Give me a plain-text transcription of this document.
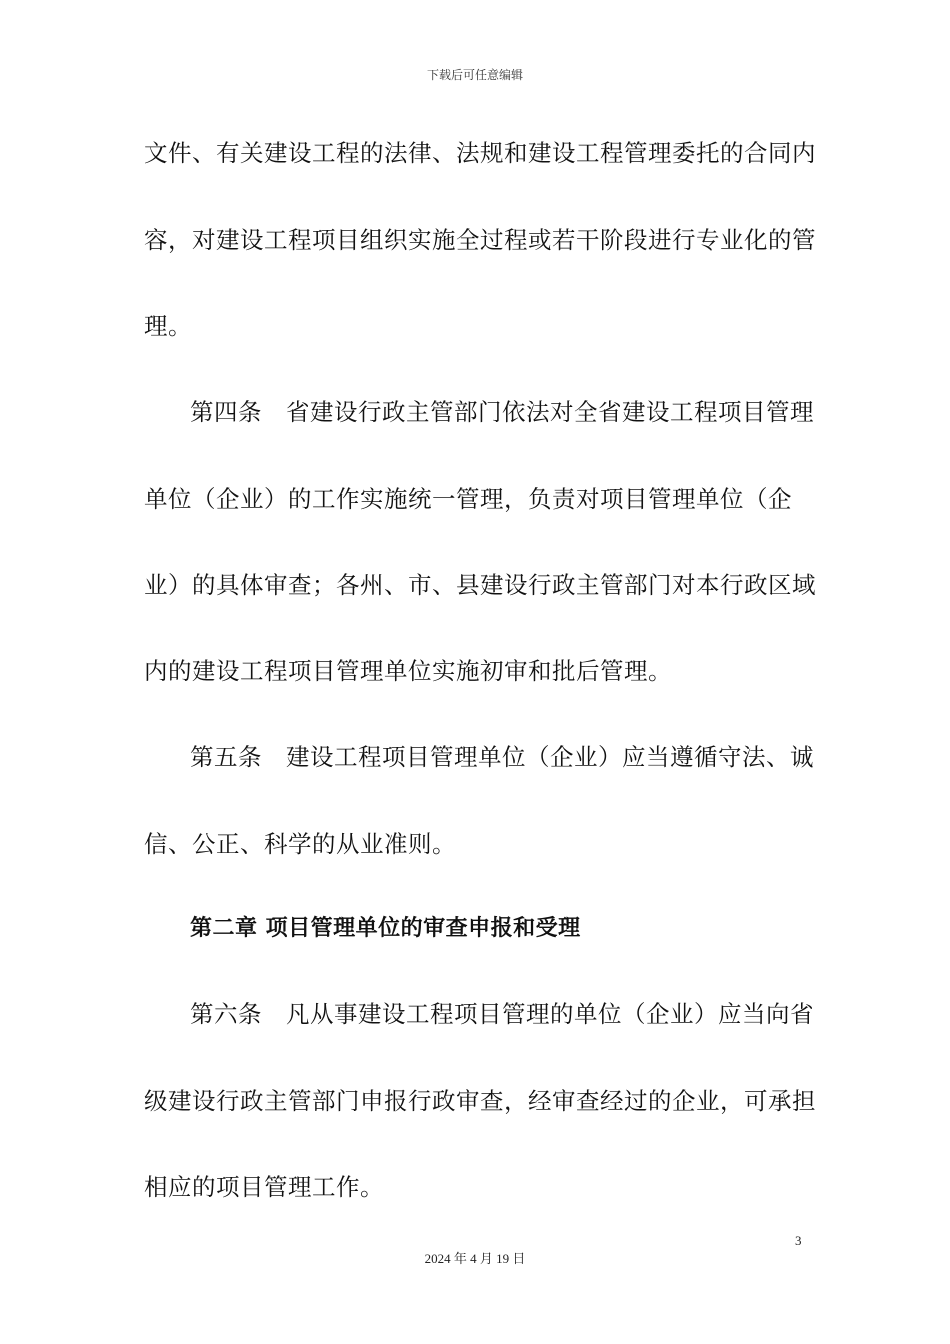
下载后可任意编辑
文件、有关建设工程的法律、法规和建设工程管理委托的合同内
容，对建设工程项目组织实施全过程或若干阶段进行专业化的管
理。
第四条　省建设行政主管部门依法对全省建设工程项目管理
单位（企业）的工作实施统一管理，负责对项目管理单位（企
业）的具体审查；各州、市、县建设行政主管部门对本行政区域
内的建设工程项目管理单位实施初审和批后管理。
第五条　建设工程项目管理单位（企业）应当遵循守法、诚
信、公正、科学的从业准则。
第二章 项目管理单位的审查申报和受理
第六条　凡从事建设工程项目管理的单位（企业）应当向省
级建设行政主管部门申报行政审查，经审查经过的企业，可承担
相应的项目管理工作。
3
2024 年 4 月 19 日
